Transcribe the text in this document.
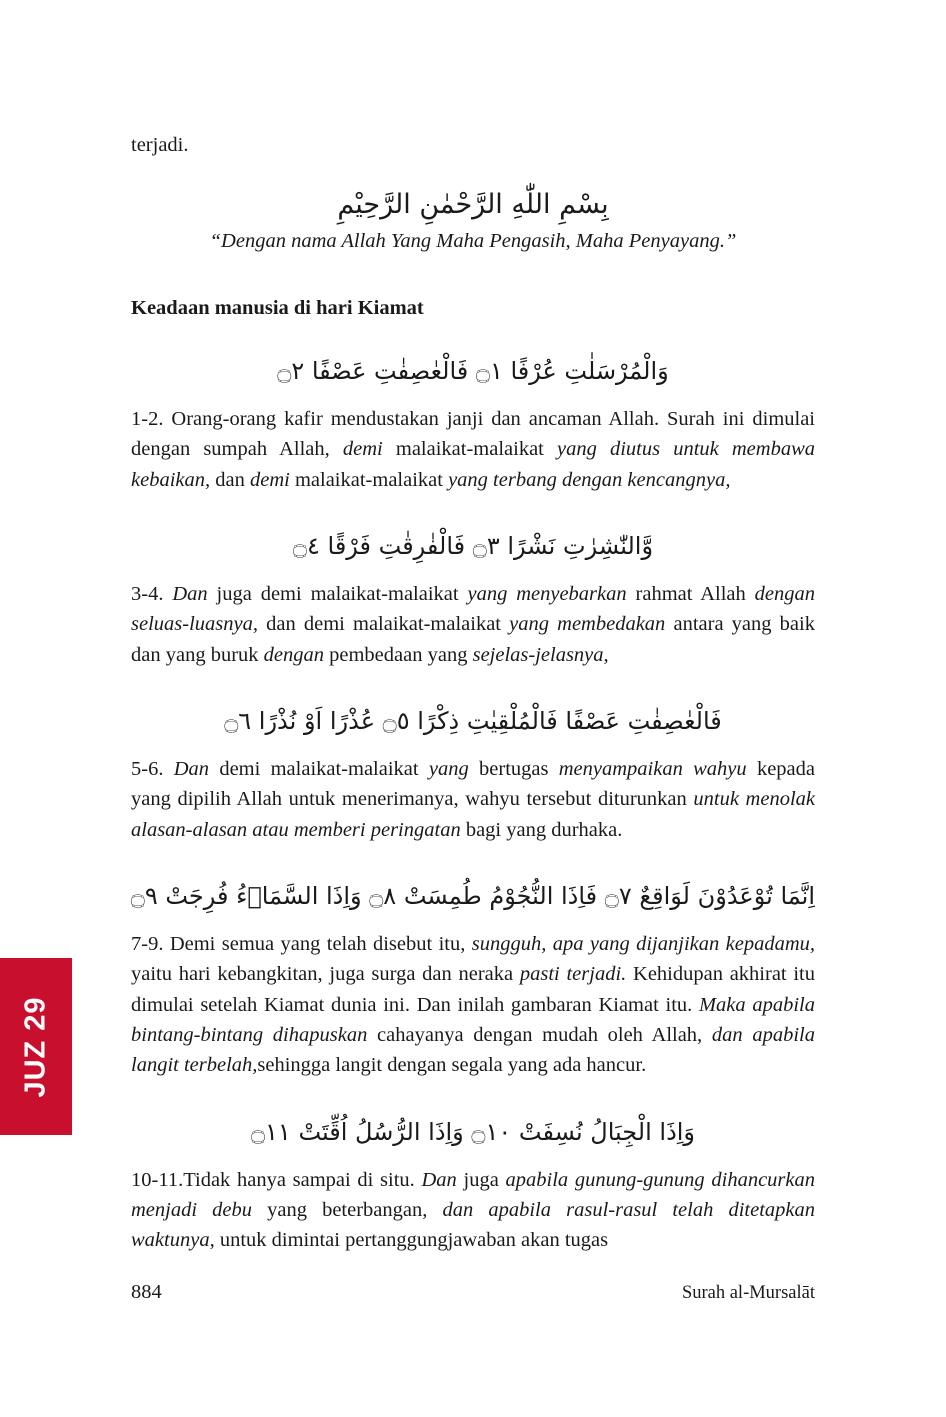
terjadi.

بِسْمِ اللّٰهِ الرَّحْمٰنِ الرَّحِيْمِ
“Dengan nama Allah Yang Maha Pengasih, Maha Penyayang.”
Keadaan manusia di hari Kiamat
وَالْمُرْسَلٰتِ عُرْفًا ۝١ فَالْعٰصِفٰتِ عَصْفًا ۝٢

1-2. Orang-orang kafir mendustakan janji dan ancaman Allah. Surah ini dimulai dengan sumpah Allah, demi malaikat-malaikat yang diutus untuk membawa kebaikan, dan demi malaikat-malaikat yang terbang dengan kencangnya,

وَّالنّٰشِرٰتِ نَشْرًا ۝٣ فَالْفٰرِقٰتِ فَرْقًا ۝٤

3-4. Dan juga demi malaikat-malaikat yang menyebarkan rahmat Allah dengan seluas-luasnya, dan demi malaikat-malaikat yang membedakan antara yang baik dan yang buruk dengan pembedaan yang sejelas-jelasnya,

فَالْعٰصِفٰتِ عَصْفًا فَالْمُلْقِيٰتِ ذِكْرًا ۝٥ عُذْرًا اَوْ نُذْرًا ۝٦

5-6. Dan demi malaikat-malaikat yang bertugas menyampaikan wahyu kepada yang dipilih Allah untuk menerimanya, wahyu tersebut diturunkan untuk menolak alasan-alasan atau memberi peringatan bagi yang durhaka.

اِنَّمَا تُوْعَدُوْنَ لَوَاقِعٌ ۝٧ فَاِذَا النُّجُوْمُ طُمِسَتْ ۝٨ وَاِذَا السَّمَاۤءُ فُرِجَتْ ۝٩

7-9. Demi semua yang telah disebut itu, sungguh, apa yang dijanjikan kepadamu, yaitu hari kebangkitan, juga surga dan neraka pasti terjadi. Kehidupan akhirat itu dimulai setelah Kiamat dunia ini. Dan inilah gambaran Kiamat itu. Maka apabila bintang-bintang dihapuskan cahayanya dengan mudah oleh Allah, dan apabila langit terbelah,sehingga langit dengan segala yang ada hancur.

وَاِذَا الْجِبَالُ نُسِفَتْ ۝١٠ وَاِذَا الرُّسُلُ اُقِّتَتْ ۝١١

10-11.Tidak hanya sampai di situ. Dan juga apabila gunung-gunung dihancurkan menjadi debu yang beterbangan, dan apabila rasul-rasul telah ditetapkan waktunya, untuk dimintai pertanggungjawaban akan tugas

JUZ 29
884	Surah al-Mursalāt
